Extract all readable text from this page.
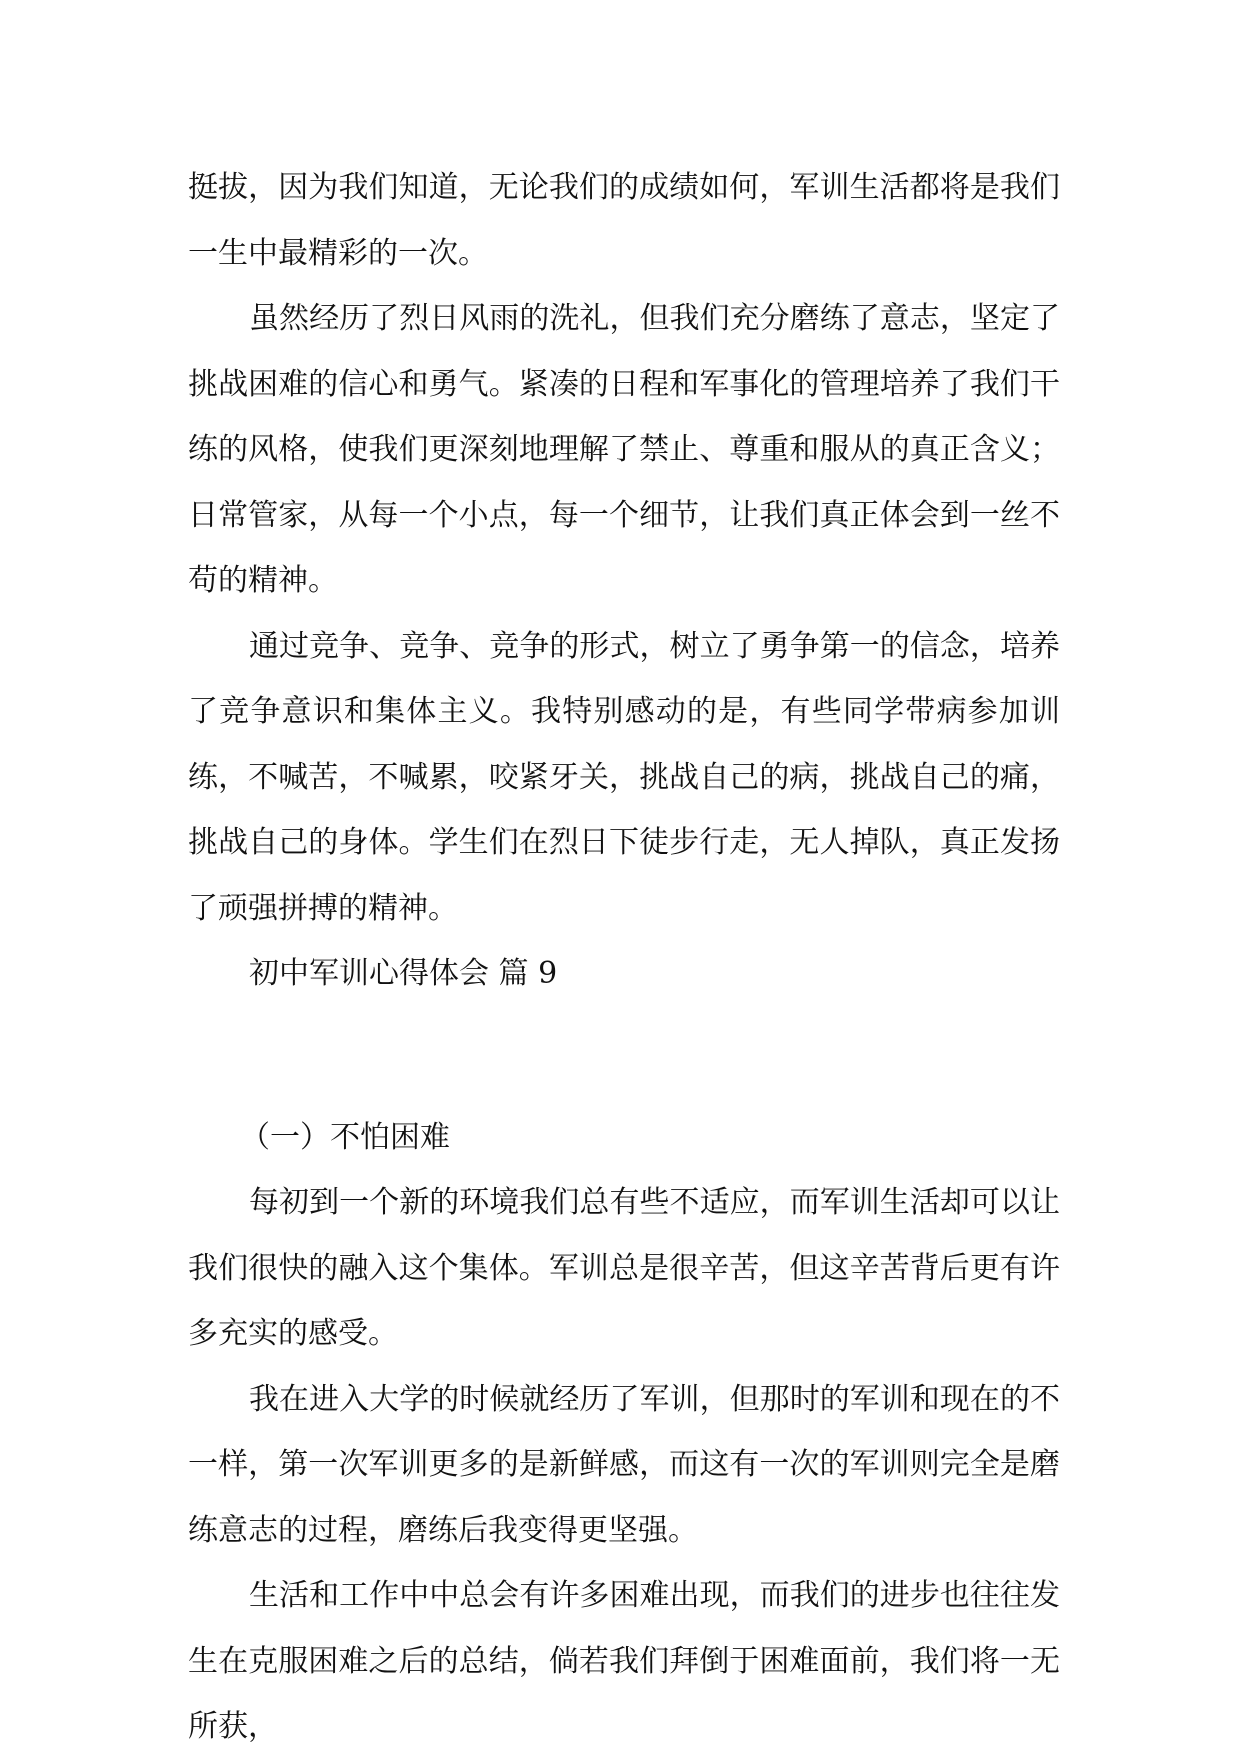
挺拔，因为我们知道，无论我们的成绩如何，军训生活都将是我们一生中最精彩的一次。

虽然经历了烈日风雨的洗礼，但我们充分磨练了意志，坚定了挑战困难的信心和勇气。紧凑的日程和军事化的管理培养了我们干练的风格，使我们更深刻地理解了禁止、尊重和服从的真正含义；日常管家，从每一个小点，每一个细节，让我们真正体会到一丝不苟的精神。

通过竞争、竞争、竞争的形式，树立了勇争第一的信念，培养了竞争意识和集体主义。我特别感动的是，有些同学带病参加训练，不喊苦，不喊累，咬紧牙关，挑战自己的病，挑战自己的痛，挑战自己的身体。学生们在烈日下徒步行走，无人掉队，真正发扬了顽强拼搏的精神。

初中军训心得体会 篇 9

（一）不怕困难

每初到一个新的环境我们总有些不适应，而军训生活却可以让我们很快的融入这个集体。军训总是很辛苦，但这辛苦背后更有许多充实的感受。

我在进入大学的时候就经历了军训，但那时的军训和现在的不一样，第一次军训更多的是新鲜感，而这有一次的军训则完全是磨练意志的过程，磨练后我变得更坚强。

生活和工作中中总会有许多困难出现，而我们的进步也往往发生在克服困难之后的总结，倘若我们拜倒于困难面前，我们将一无所获，
